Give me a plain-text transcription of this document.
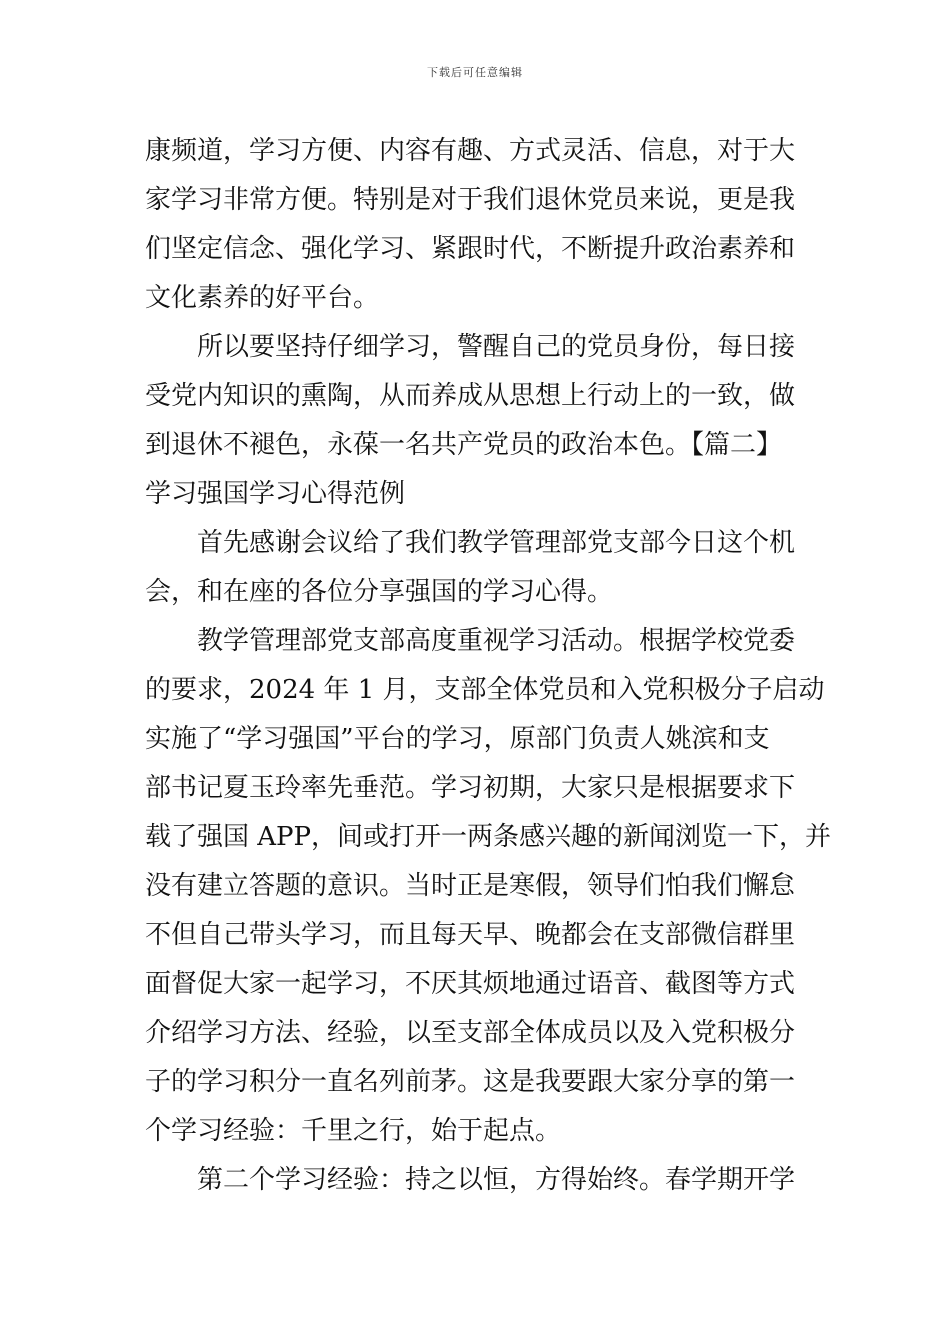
下载后可任意编辑

康频道，学习方便、内容有趣、方式灵活、信息，对于大
家学习非常方便。特别是对于我们退休党员来说，更是我
们坚定信念、强化学习、紧跟时代，不断提升政治素养和
文化素养的好平台。

所以要坚持仔细学习，警醒自己的党员身份，每日接
受党内知识的熏陶，从而养成从思想上行动上的一致，做
到退休不褪色，永葆一名共产党员的政治本色。【篇二】
学习强国学习心得范例

首先感谢会议给了我们教学管理部党支部今日这个机
会，和在座的各位分享强国的学习心得。

教学管理部党支部高度重视学习活动。根据学校党委
的要求，2024 年 1 月，支部全体党员和入党积极分子启动
实施了“学习强国”平台的学习，原部门负责人姚滨和支
部书记夏玉玲率先垂范。学习初期，大家只是根据要求下
载了强国 APP，间或打开一两条感兴趣的新闻浏览一下，并
没有建立答题的意识。当时正是寒假，领导们怕我们懈怠
不但自己带头学习，而且每天早、晚都会在支部微信群里
面督促大家一起学习，不厌其烦地通过语音、截图等方式
介绍学习方法、经验，以至支部全体成员以及入党积极分
子的学习积分一直名列前茅。这是我要跟大家分享的第一
个学习经验：千里之行，始于起点。

第二个学习经验：持之以恒，方得始终。春学期开学
